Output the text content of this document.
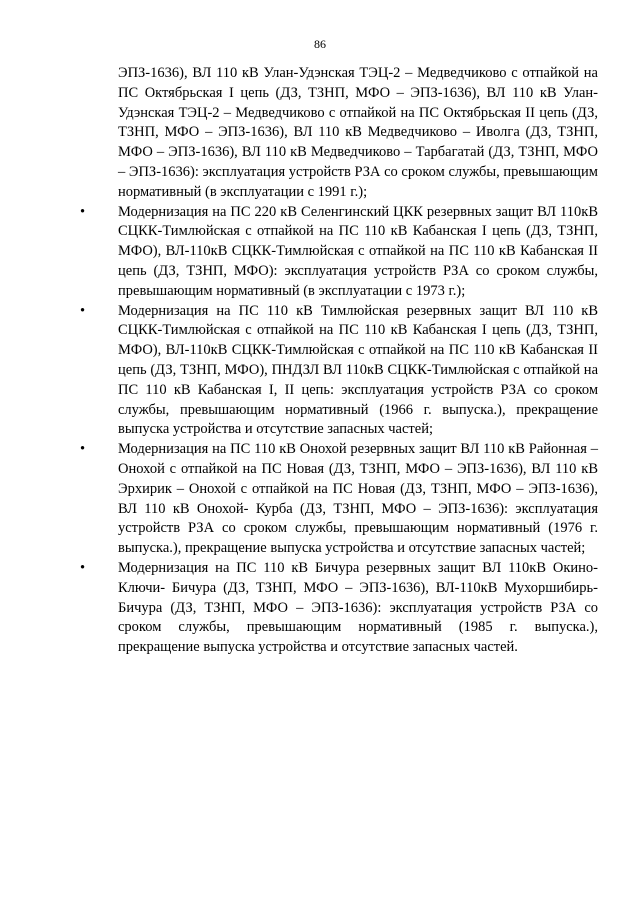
86

ЭПЗ-1636), ВЛ 110 кВ Улан-Удэнская ТЭЦ-2 – Медведчиково с отпайкой на ПС Октябрьская I цепь (ДЗ, ТЗНП, МФО – ЭПЗ-1636), ВЛ 110 кВ Улан-Удэнская ТЭЦ-2 – Медведчиково с отпайкой на ПС Октябрьская II цепь (ДЗ, ТЗНП, МФО – ЭПЗ-1636), ВЛ 110 кВ Медведчиково – Иволга (ДЗ, ТЗНП, МФО – ЭПЗ-1636), ВЛ 110 кВ Медведчиково – Тарбагатай (ДЗ, ТЗНП, МФО – ЭПЗ-1636): эксплуатация устройств РЗА со сроком службы, превышающим нормативный (в эксплуатации с 1991 г.);

•	Модернизация на ПС 220 кВ Селенгинский ЦКК резервных защит ВЛ 110кВ СЦКК-Тимлюйская с отпайкой на ПС 110 кВ Кабанская I цепь (ДЗ, ТЗНП, МФО), ВЛ-110кВ СЦКК-Тимлюйская с отпайкой на ПС 110 кВ Кабанская II цепь (ДЗ, ТЗНП, МФО): эксплуатация устройств РЗА со сроком службы, превышающим нормативный (в эксплуатации с 1973 г.);

•	Модернизация на ПС 110 кВ Тимлюйская резервных защит ВЛ 110 кВ СЦКК-Тимлюйская с отпайкой на ПС 110 кВ Кабанская I цепь (ДЗ, ТЗНП, МФО), ВЛ-110кВ СЦКК-Тимлюйская с отпайкой на ПС 110 кВ Кабанская II цепь (ДЗ, ТЗНП, МФО), ПНДЗЛ ВЛ 110кВ СЦКК-Тимлюйская с отпайкой на ПС 110 кВ Кабанская I, II цепь: эксплуатация устройств РЗА со сроком службы, превышающим нормативный (1966 г. выпуска.), прекращение выпуска устройства и отсутствие запасных частей;

•	Модернизация на ПС 110 кВ Онохой резервных защит ВЛ 110 кВ Районная – Онохой с отпайкой на ПС Новая (ДЗ, ТЗНП, МФО – ЭПЗ-1636), ВЛ 110 кВ Эрхирик – Онохой с отпайкой на ПС Новая (ДЗ, ТЗНП, МФО – ЭПЗ-1636), ВЛ 110 кВ Онохой- Курба (ДЗ, ТЗНП, МФО – ЭПЗ-1636): эксплуатация устройств РЗА со сроком службы, превышающим нормативный (1976 г. выпуска.), прекращение выпуска устройства и отсутствие запасных частей;

•	Модернизация на ПС 110 кВ Бичура резервных защит ВЛ 110кВ Окино-Ключи- Бичура (ДЗ, ТЗНП, МФО – ЭПЗ-1636), ВЛ-110кВ Мухоршибирь-Бичура (ДЗ, ТЗНП, МФО – ЭПЗ-1636): эксплуатация устройств РЗА со сроком службы, превышающим нормативный (1985 г. выпуска.), прекращение выпуска устройства и отсутствие запасных частей.
